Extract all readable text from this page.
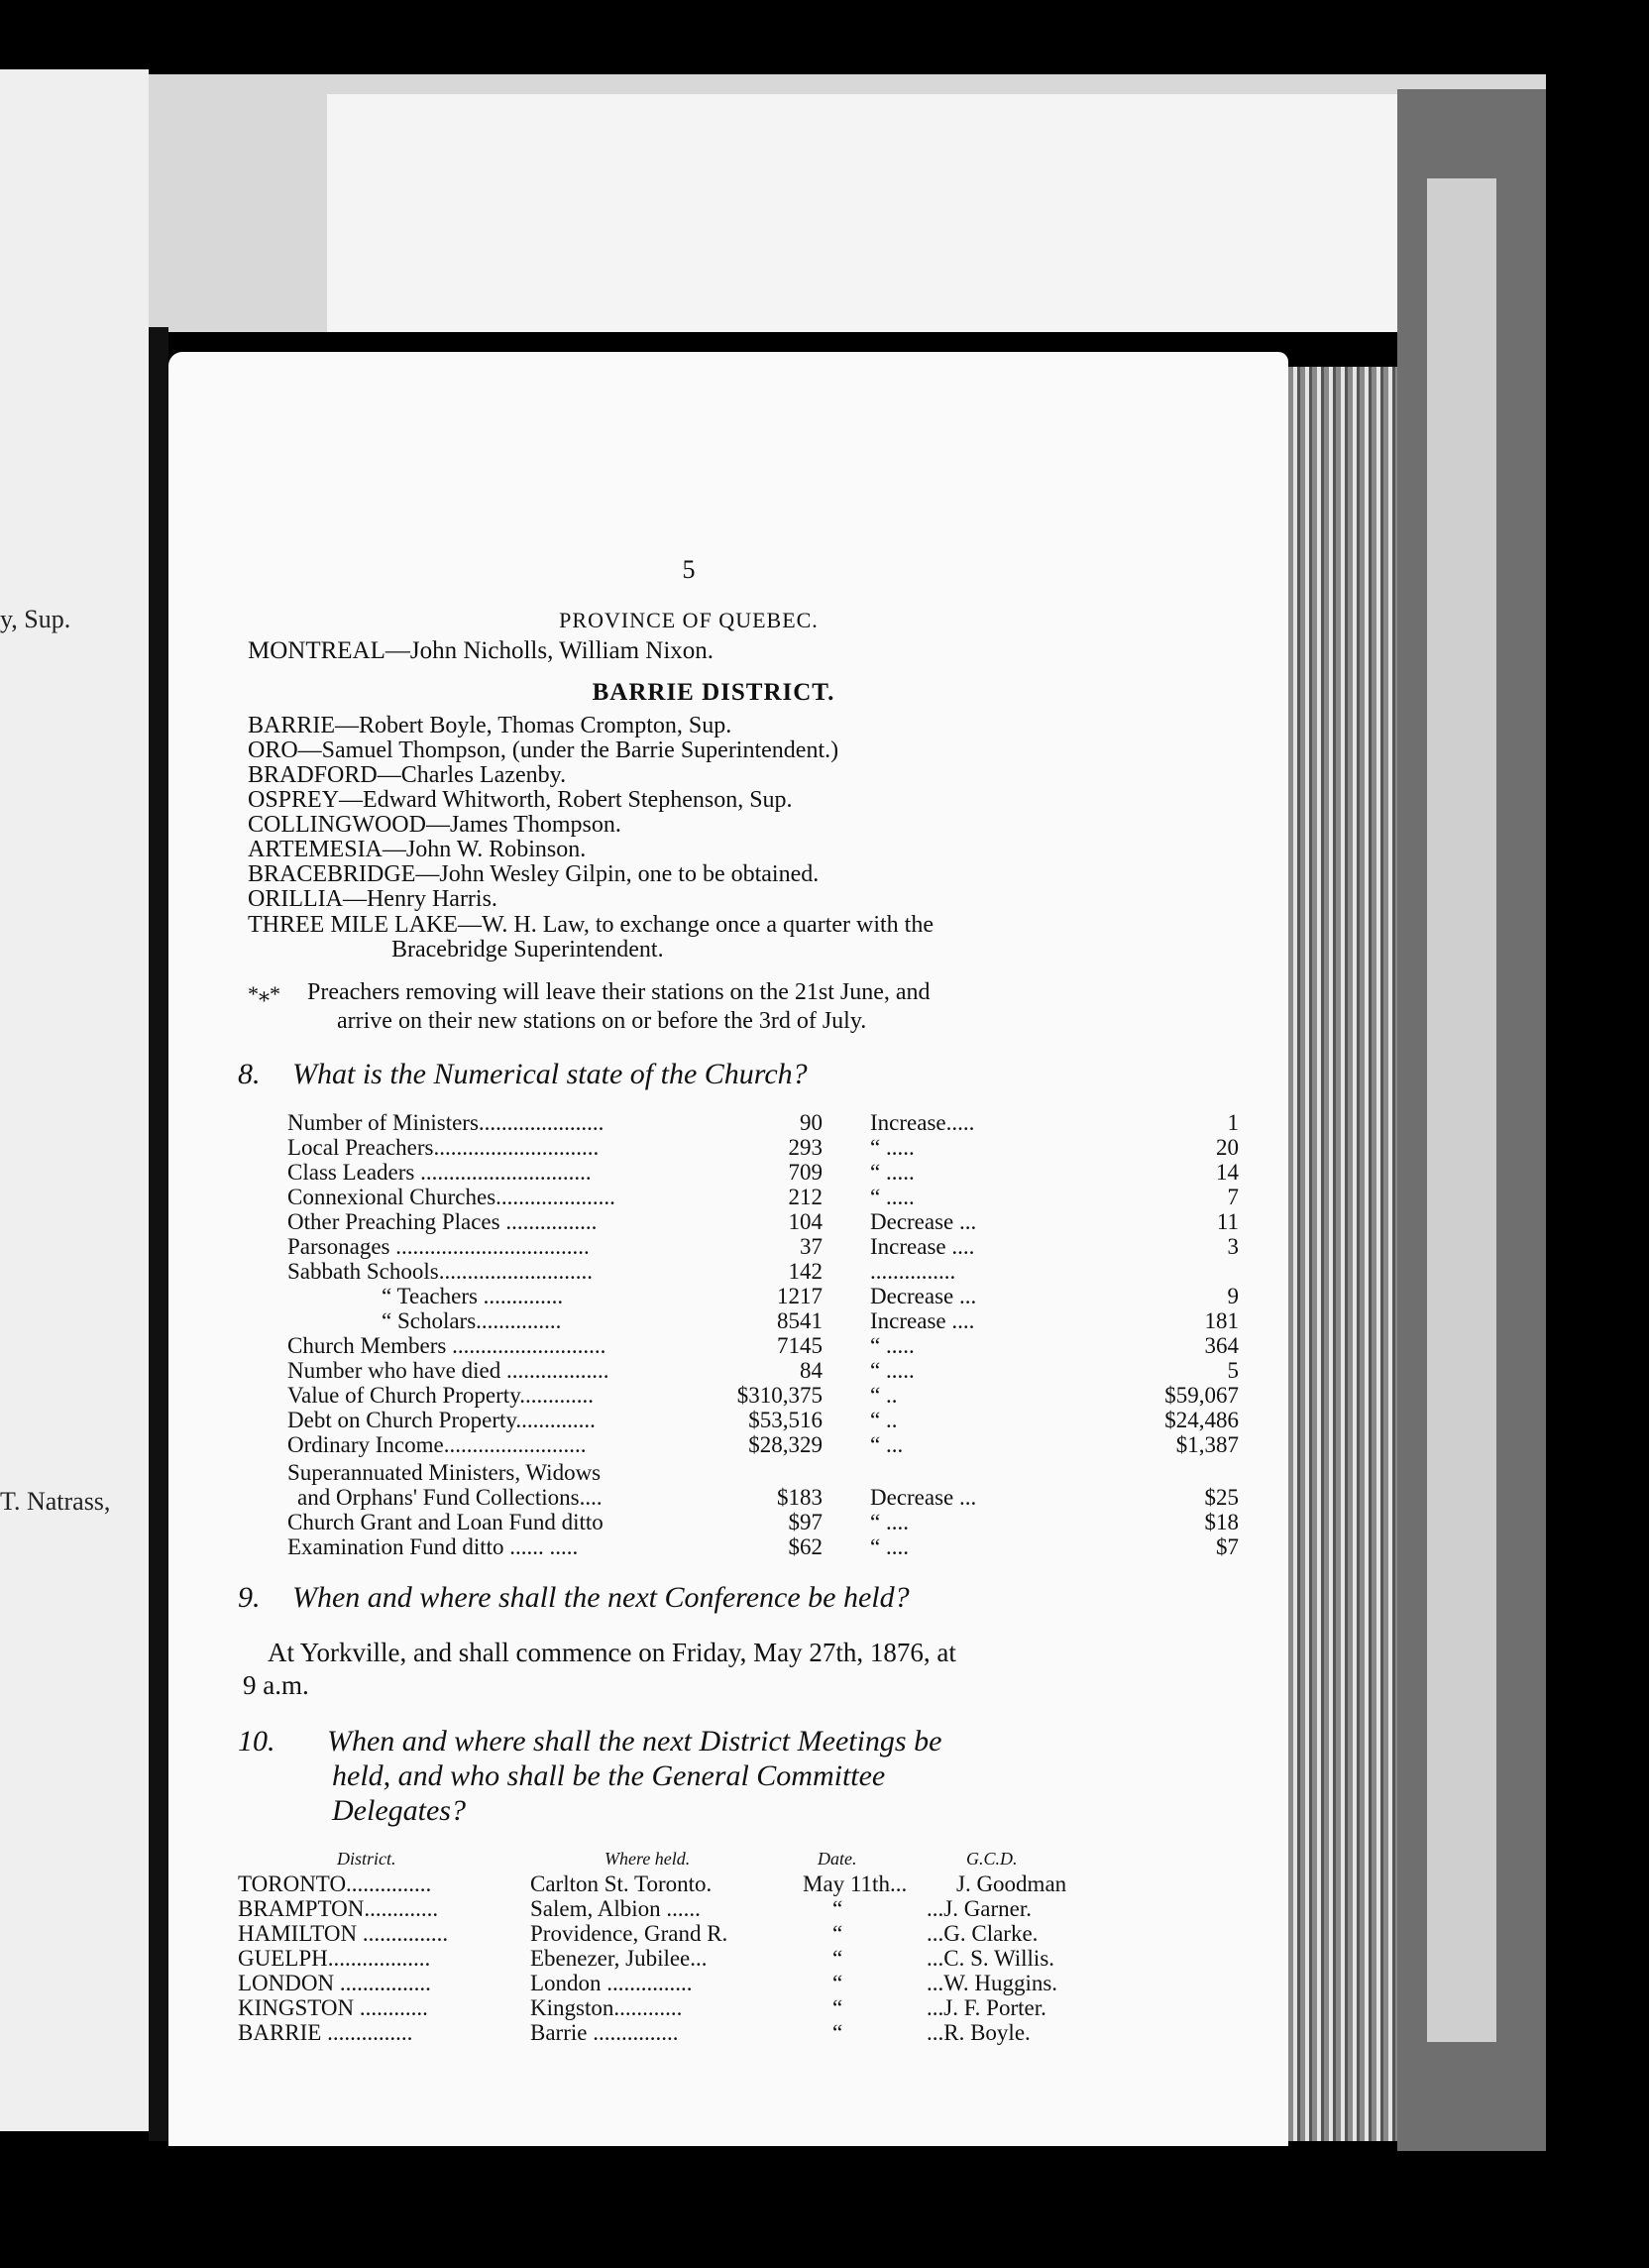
y, Sup.
T. Natrass,
5
PROVINCE OF QUEBEC.
MONTREAL—John Nicholls, William Nixon.
BARRIE DISTRICT.
BARRIE—Robert Boyle, Thomas Crompton, Sup.
ORO—Samuel Thompson, (under the Barrie Superintendent.)
BRADFORD—Charles Lazenby.
OSPREY—Edward Whitworth, Robert Stephenson, Sup.
COLLINGWOOD—James Thompson.
ARTEMESIA—John W. Robinson.
BRACEBRIDGE—John Wesley Gilpin, one to be obtained.
ORILLIA—Henry Harris.
THREE MILE LAKE—W. H. Law, to exchange once a quarter with the
Bracebridge Superintendent.
*⁎* Preachers removing will leave their stations on the 21st June, and
arrive on their new stations on or before the 3rd of July.
8. What is the Numerical state of the Church?
Number of Ministers......................	90 Increase.....	1
Local Preachers.............................	293 “ .....	20
Class Leaders ..............................	709 “ .....	14
Connexional Churches.....................	212 “ .....	7
Other Preaching Places ................	104 Decrease ...	11
Parsonages ..................................	37 Increase ....	3
Sabbath Schools...........................	142 ...............
“ Teachers ..............	1217 Decrease ...	9
“ Scholars...............	8541 Increase ....	181
Church Members ...........................	7145 “ .....	364
Number who have died ..................	84 “ .....	5
Value of Church Property.............	$310,375 “ ..	$59,067
Debt on Church Property..............	$53,516 “ ..	$24,486
Ordinary Income.........................	$28,329 “ ...	$1,387
Superannuated Ministers, Widows
and Orphans' Fund Collections....	$183 Decrease ...	$25
Church Grant and Loan Fund ditto	$97 “ ....	$18
Examination Fund ditto ...... .....	$62 “ ....	$7
9. When and where shall the next Conference be held?
At Yorkville, and shall commence on Friday, May 27th, 1876, at
9 a.m.
10. When and where shall the next District Meetings be
held, and who shall be the General Committee
Delegates?
District.	Where held.	Date.	G.C.D.
TORONTO...............	Carlton St. Toronto.	May 11th... J. Goodman
BRAMPTON.............	Salem, Albion ......	“	...J. Garner.
HAMILTON ...............	Providence, Grand R.	“	...G. Clarke.
GUELPH..................	Ebenezer, Jubilee...	“	...C. S. Willis.
LONDON ................	London ...............	“	...W. Huggins.
KINGSTON ............	Kingston............	“	...J. F. Porter.
BARRIE ...............	Barrie ...............	“	...R. Boyle.
